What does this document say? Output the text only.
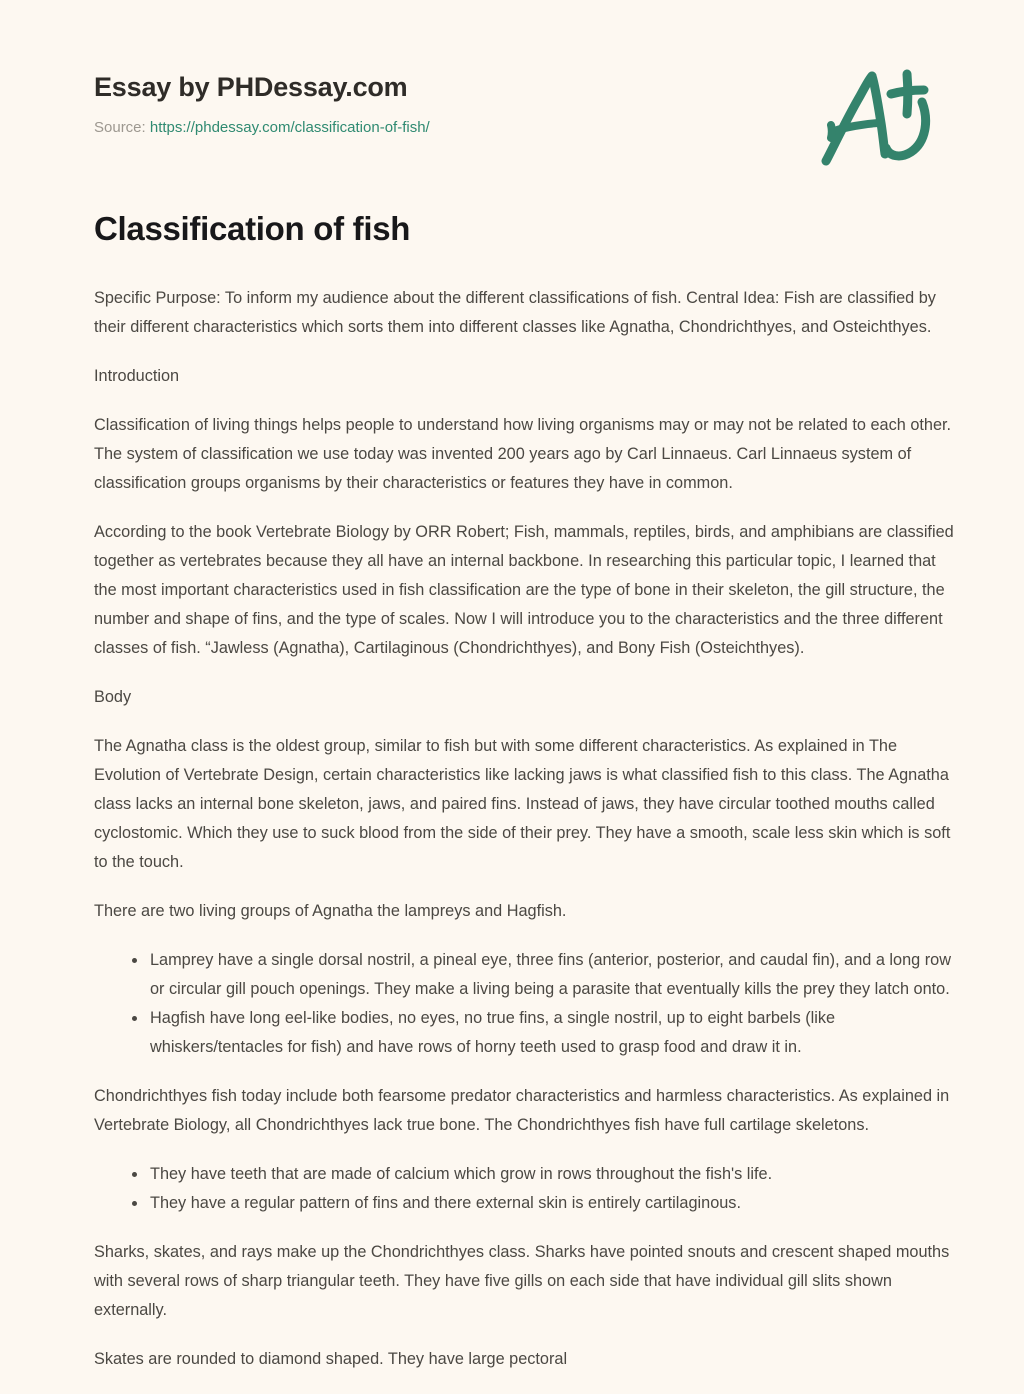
Essay by PHDessay.com
Source: https://phdessay.com/classification-of-fish/
Classification of fish

Specific Purpose: To inform my audience about the different classifications of fish. Central Idea: Fish are classified by their different characteristics which sorts them into different classes like Agnatha, Chondrichthyes, and Osteichthyes.

Introduction

Classification of living things helps people to understand how living organisms may or may not be related to each other. The system of classification we use today was invented 200 years ago by Carl Linnaeus. Carl Linnaeus system of classification groups organisms by their characteristics or features they have in common.

According to the book Vertebrate Biology by ORR Robert; Fish, mammals, reptiles, birds, and amphibians are classified together as vertebrates because they all have an internal backbone. In researching this particular topic, I learned that the most important characteristics used in fish classification are the type of bone in their skeleton, the gill structure, the number and shape of fins, and the type of scales. Now I will introduce you to the characteristics and the three different classes of fish. “Jawless (Agnatha), Cartilaginous (Chondrichthyes), and Bony Fish (Osteichthyes).

Body

The Agnatha class is the oldest group, similar to fish but with some different characteristics. As explained in The Evolution of Vertebrate Design, certain characteristics like lacking jaws is what classified fish to this class. The Agnatha class lacks an internal bone skeleton, jaws, and paired fins. Instead of jaws, they have circular toothed mouths called cyclostomic. Which they use to suck blood from the side of their prey. They have a smooth, scale less skin which is soft to the touch.

There are two living groups of Agnatha the lampreys and Hagfish.

Lamprey have a single dorsal nostril, a pineal eye, three fins (anterior, posterior, and caudal fin), and a long row or circular gill pouch openings. They make a living being a parasite that eventually kills the prey they latch onto.
Hagfish have long eel-like bodies, no eyes, no true fins, a single nostril, up to eight barbels (like whiskers/tentacles for fish) and have rows of horny teeth used to grasp food and draw it in.

Chondrichthyes fish today include both fearsome predator characteristics and harmless characteristics. As explained in Vertebrate Biology, all Chondrichthyes lack true bone. The Chondrichthyes fish have full cartilage skeletons.

They have teeth that are made of calcium which grow in rows throughout the fish's life.
They have a regular pattern of fins and there external skin is entirely cartilaginous.

Sharks, skates, and rays make up the Chondrichthyes class. Sharks have pointed snouts and crescent shaped mouths with several rows of sharp triangular teeth. They have five gills on each side that have individual gill slits shown externally.

Skates are rounded to diamond shaped. They have large pectoral
